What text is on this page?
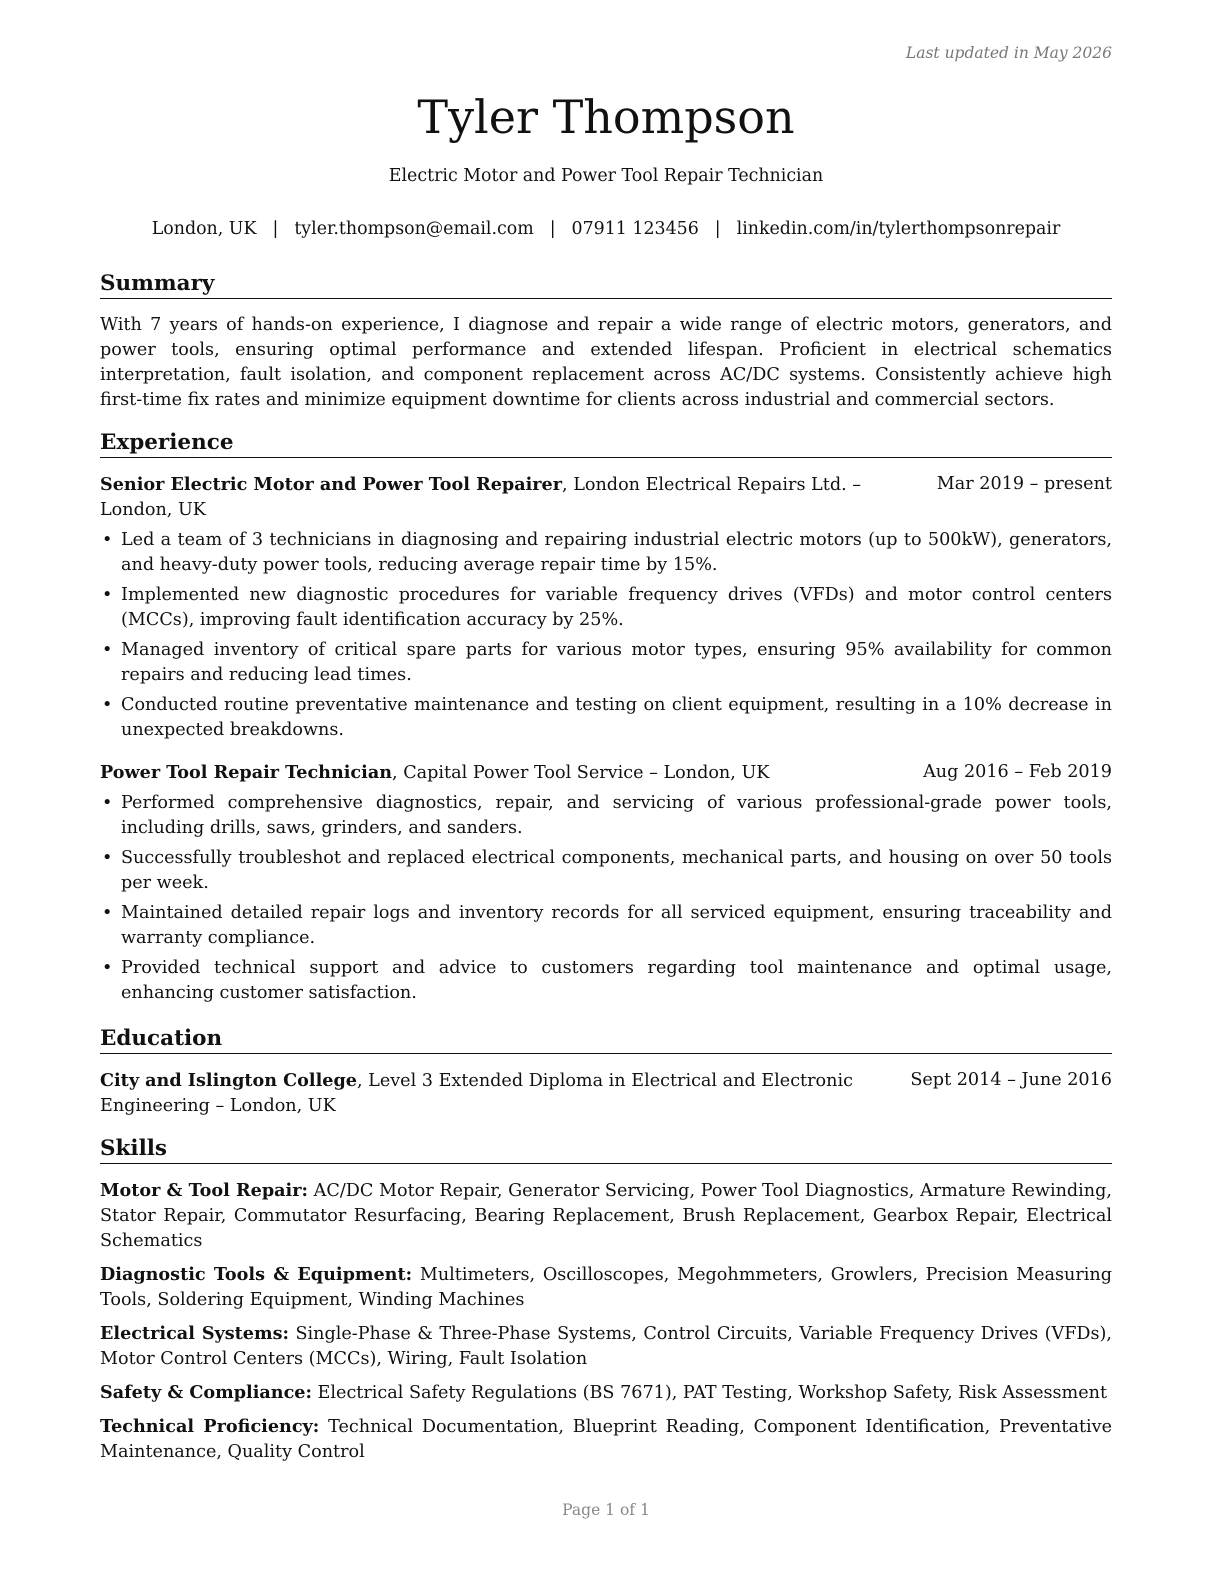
Last updated in May 2026
Tyler Thompson
Electric Motor and Power Tool Repair Technician
London, UK | tyler.thompson@email.com | 07911 123456 | linkedin.com/in/tylerthompsonrepair
Summary
With 7 years of hands-on experience, I diagnose and repair a wide range of electric motors, generators, and power tools, ensuring optimal performance and extended lifespan. Proficient in electrical schematics interpretation, fault isolation, and component replacement across AC/DC systems. Consistently achieve high first-time fix rates and minimize equipment downtime for clients across industrial and commercial sectors.
Experience
Senior Electric Motor and Power Tool Repairer, London Electrical Repairs Ltd. – London, UK
Mar 2019 – present
• Led a team of 3 technicians in diagnosing and repairing industrial electric motors (up to 500kW), generators, and heavy-duty power tools, reducing average repair time by 15%.
• Implemented new diagnostic procedures for variable frequency drives (VFDs) and motor control centers (MCCs), improving fault identification accuracy by 25%.
• Managed inventory of critical spare parts for various motor types, ensuring 95% availability for common repairs and reducing lead times.
• Conducted routine preventative maintenance and testing on client equipment, resulting in a 10% decrease in unexpected breakdowns.
Power Tool Repair Technician, Capital Power Tool Service – London, UK	Aug 2016 – Feb 2019
• Performed comprehensive diagnostics, repair, and servicing of various professional-grade power tools, including drills, saws, grinders, and sanders.
• Successfully troubleshot and replaced electrical components, mechanical parts, and housing on over 50 tools per week.
• Maintained detailed repair logs and inventory records for all serviced equipment, ensuring traceability and warranty compliance.
• Provided technical support and advice to customers regarding tool maintenance and optimal usage, enhancing customer satisfaction.
Education
City and Islington College, Level 3 Extended Diploma in Electrical and Electronic Engineering – London, UK
Sept 2014 – June 2016
Skills
Motor & Tool Repair: AC/DC Motor Repair, Generator Servicing, Power Tool Diagnostics, Armature Rewinding, Stator Repair, Commutator Resurfacing, Bearing Replacement, Brush Replacement, Gearbox Repair, Electrical Schematics
Diagnostic Tools & Equipment: Multimeters, Oscilloscopes, Megohmmeters, Growlers, Precision Measuring Tools, Soldering Equipment, Winding Machines
Electrical Systems: Single-Phase & Three-Phase Systems, Control Circuits, Variable Frequency Drives (VFDs), Motor Control Centers (MCCs), Wiring, Fault Isolation
Safety & Compliance: Electrical Safety Regulations (BS 7671), PAT Testing, Workshop Safety, Risk Assessment
Technical Proficiency: Technical Documentation, Blueprint Reading, Component Identification, Preventative Maintenance, Quality Control
Page 1 of 1
